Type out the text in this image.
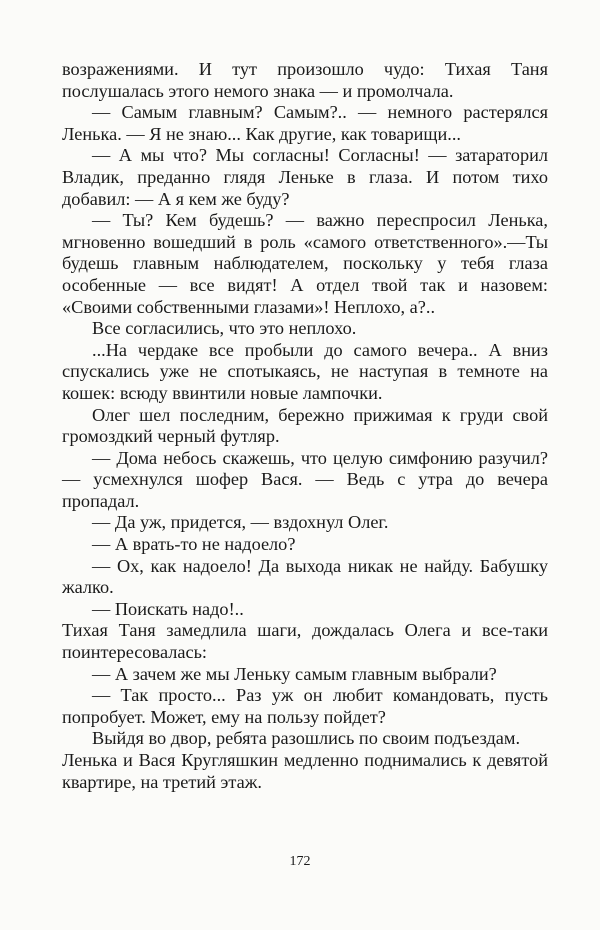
возражениями. И тут произошло чудо: Тихая Таня послушалась этого немого знака — и промолчала.

— Самым главным? Самым?.. — немного растерялся Ленька. — Я не знаю... Как другие, как товарищи...

— А мы что? Мы согласны! Согласны! — затараторил Владик, преданно глядя Леньке в глаза. И потом тихо добавил: — А я кем же буду?

— Ты? Кем будешь? — важно переспросил Ленька, мгновенно вошедший в роль «самого ответственного».—Ты будешь главным наблюдателем, поскольку у тебя глаза особенные — все видят! А отдел твой так и назовем: «Своими собственными глазами»! Неплохо, а?..

Все согласились, что это неплохо.

...На чердаке все пробыли до самого вечера.. А вниз спускались уже не спотыкаясь, не наступая в темноте на кошек: всюду ввинтили новые лампочки.

Олег шел последним, бережно прижимая к груди свой громоздкий черный футляр.

— Дома небось скажешь, что целую симфонию разучил? — усмехнулся шофер Вася. — Ведь с утра до вечера пропадал.

— Да уж, придется, — вздохнул Олег.

— А врать-то не надоело?

— Ох, как надоело! Да выхода никак не найду. Бабушку жалко.

— Поискать надо!..

Тихая Таня замедлила шаги, дождалась Олега и все-таки поинтересовалась:

— А зачем же мы Леньку самым главным выбрали?

— Так просто... Раз уж он любит командовать, пусть попробует. Может, ему на пользу пойдет?

Выйдя во двор, ребята разошлись по своим подъездам.

Ленька и Вася Кругляшкин медленно поднимались к девятой квартире, на третий этаж.

172
